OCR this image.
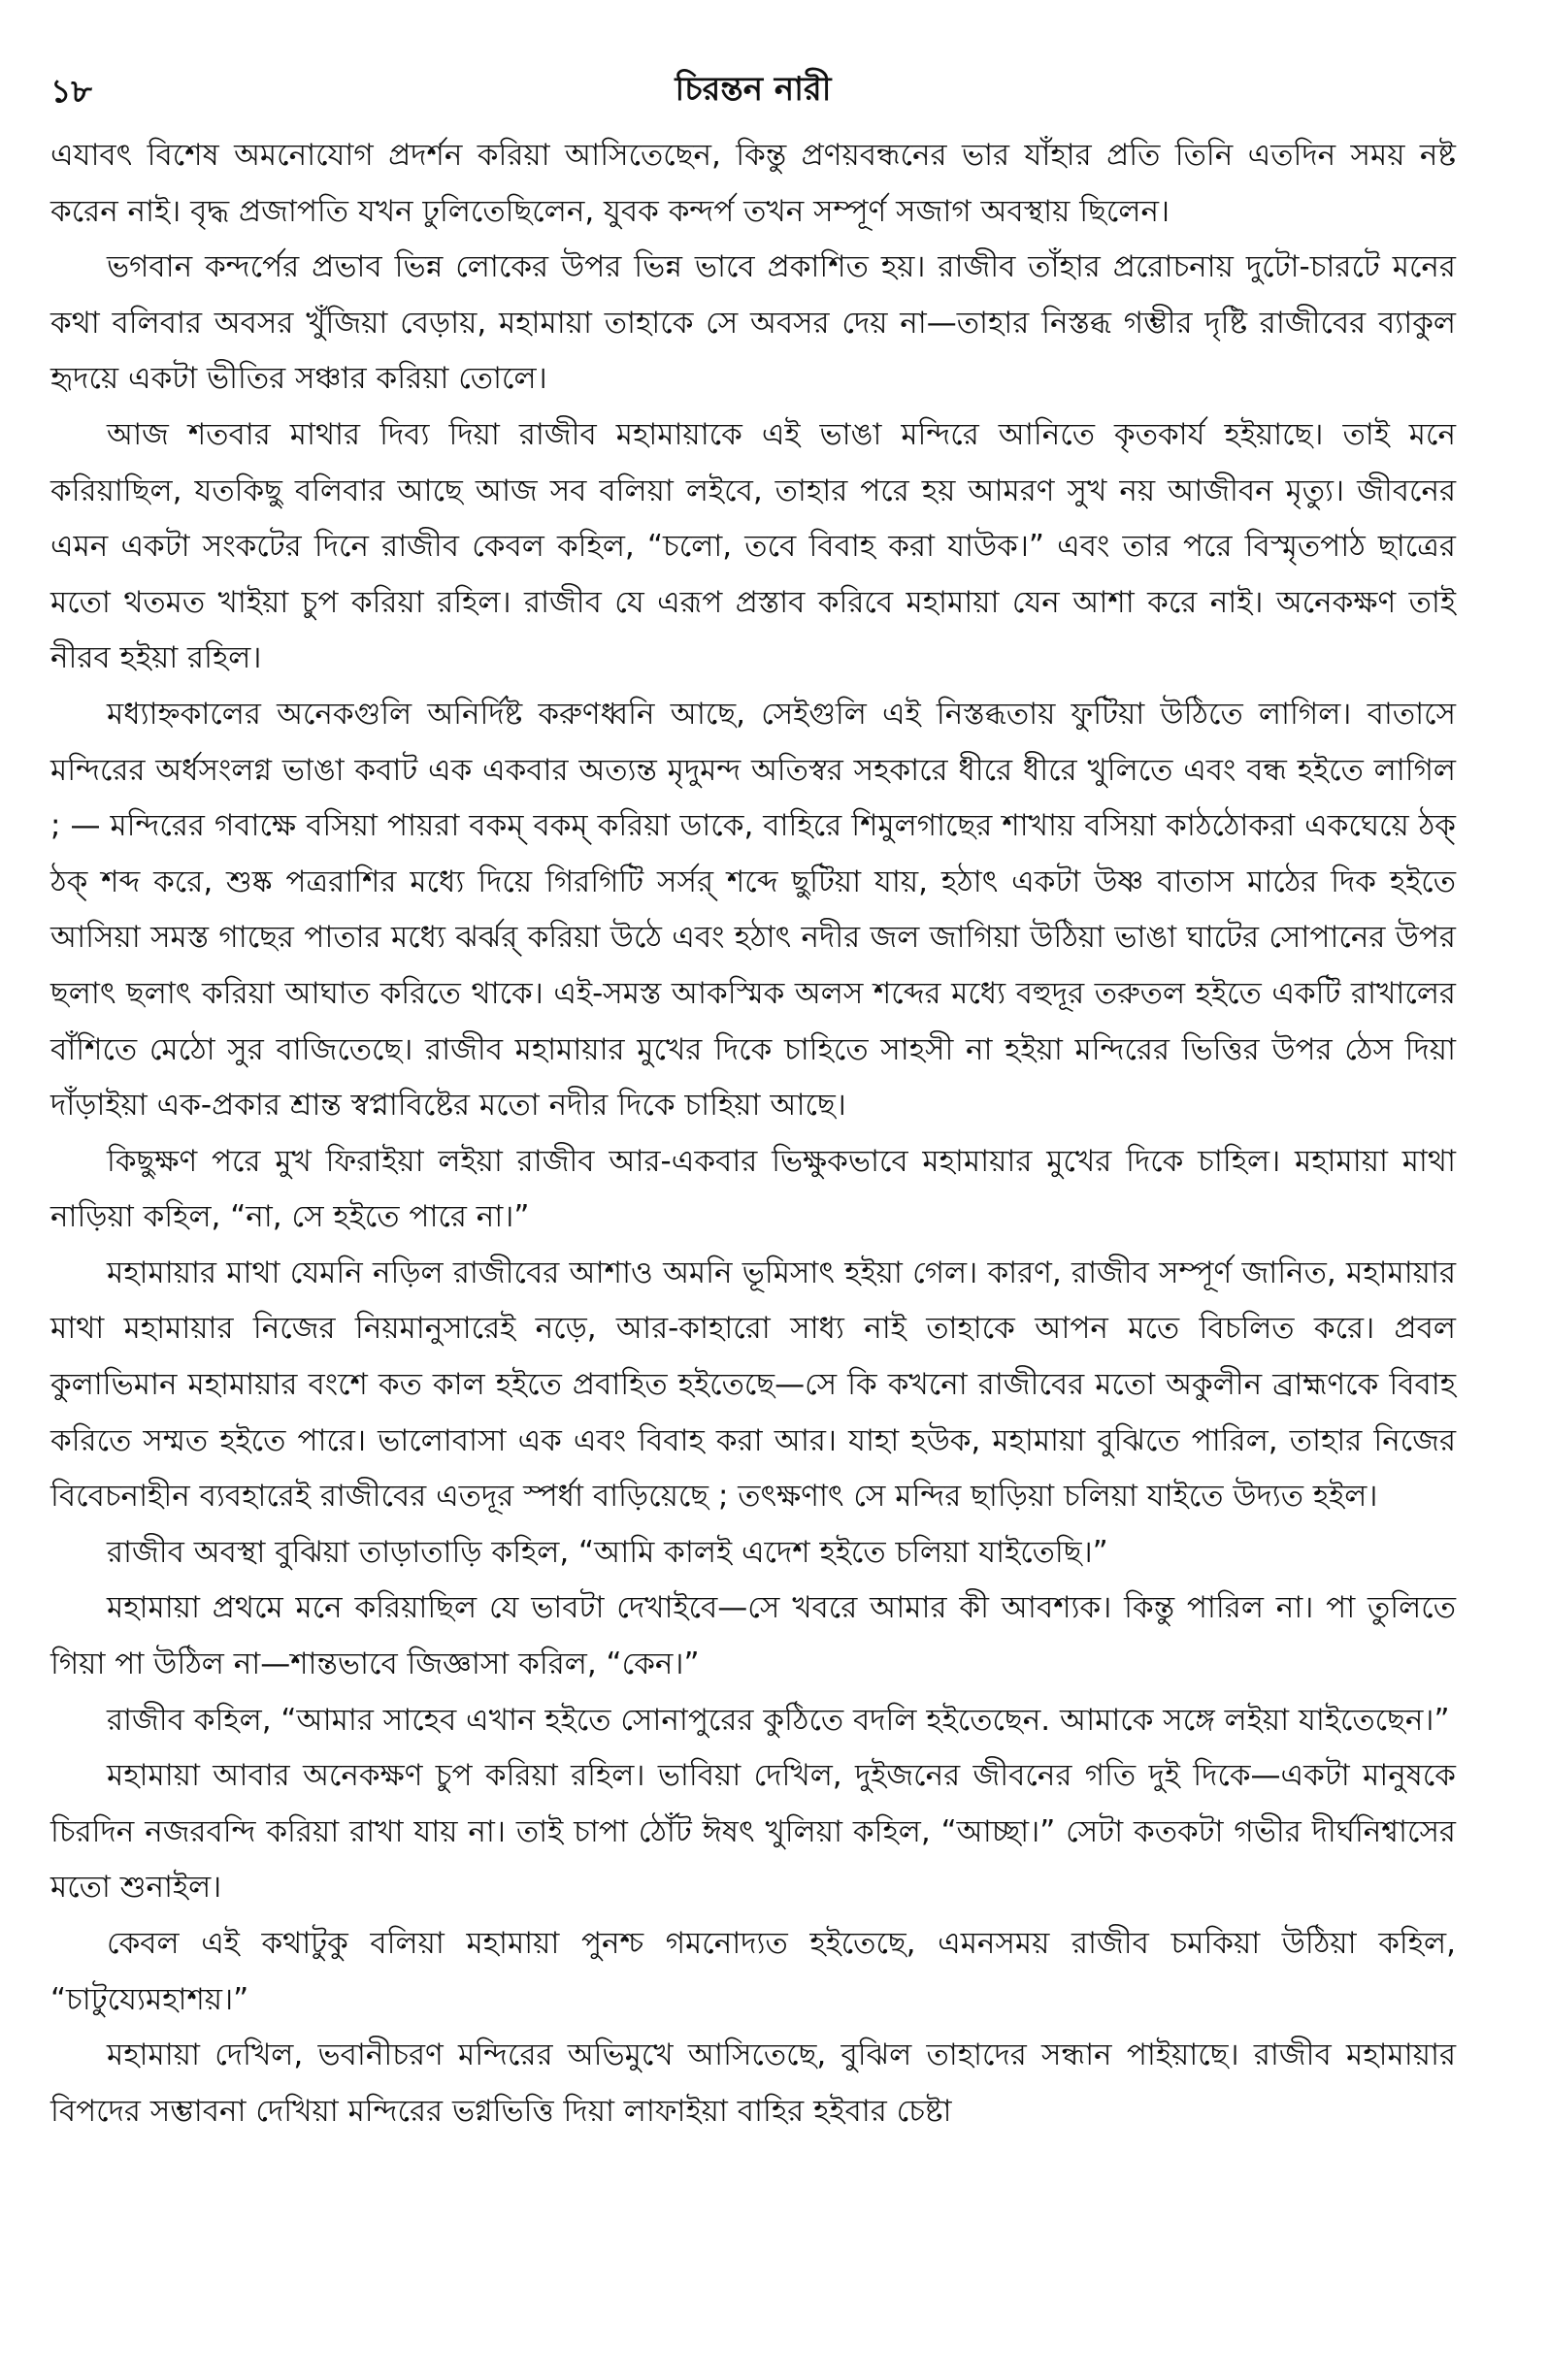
১৮	চিরন্তন নারী

এযাবৎ বিশেষ অমনোযোগ প্রদর্শন করিয়া আসিতেছেন, কিন্তু প্রণয়বন্ধনের ভার যাঁহার প্রতি তিনি এতদিন সময় নষ্ট করেন নাই। বৃদ্ধ প্রজাপতি যখন ঢুলিতেছিলেন, যুবক কন্দর্প তখন সম্পূর্ণ সজাগ অবস্থায় ছিলেন।

ভগবান কন্দর্পের প্রভাব ভিন্ন লোকের উপর ভিন্ন ভাবে প্রকাশিত হয়। রাজীব তাঁহার প্ররোচনায় দুটো-চারটে মনের কথা বলিবার অবসর খুঁজিয়া বেড়ায়, মহামায়া তাহাকে সে অবসর দেয় না—তাহার নিস্তব্ধ গম্ভীর দৃষ্টি রাজীবের ব্যাকুল হৃদয়ে একটা ভীতির সঞ্চার করিয়া তোলে।

আজ শতবার মাথার দিব্য দিয়া রাজীব মহামায়াকে এই ভাঙা মন্দিরে আনিতে কৃতকার্য হইয়াছে। তাই মনে করিয়াছিল, যতকিছু বলিবার আছে আজ সব বলিয়া লইবে, তাহার পরে হয় আমরণ সুখ নয় আজীবন মৃত্যু। জীবনের এমন একটা সংকটের দিনে রাজীব কেবল কহিল, “চলো, তবে বিবাহ করা যাউক।” এবং তার পরে বিস্মৃতপাঠ ছাত্রের মতো থতমত খাইয়া চুপ করিয়া রহিল। রাজীব যে এরূপ প্রস্তাব করিবে মহামায়া যেন আশা করে নাই। অনেকক্ষণ তাই নীরব হইয়া রহিল।

মধ্যাহ্নকালের অনেকগুলি অনির্দিষ্ট করুণধ্বনি আছে, সেইগুলি এই নিস্তব্ধতায় ফুটিয়া উঠিতে লাগিল। বাতাসে মন্দিরের অর্ধসংলগ্ন ভাঙা কবাট এক একবার অত্যন্ত মৃদুমন্দ অতিস্বর সহকারে ধীরে ধীরে খুলিতে এবং বন্ধ হইতে লাগিল ; — মন্দিরের গবাক্ষে বসিয়া পায়রা বকম্ বকম্ করিয়া ডাকে, বাহিরে শিমুলগাছের শাখায় বসিয়া কাঠঠোকরা একঘেয়ে ঠক্ ঠক্ শব্দ করে, শুষ্ক পত্ররাশির মধ্যে দিয়ে গিরগিটি সর্সর্ শব্দে ছুটিয়া যায়, হঠাৎ একটা উষ্ণ বাতাস মাঠের দিক হইতে আসিয়া সমস্ত গাছের পাতার মধ্যে ঝর্ঝর্ করিয়া উঠে এবং হঠাৎ নদীর জল জাগিয়া উঠিয়া ভাঙা ঘাটের সোপানের উপর ছলাৎ ছলাৎ করিয়া আঘাত করিতে থাকে। এই-সমস্ত আকস্মিক অলস শব্দের মধ্যে বহুদূর তরুতল হইতে একটি রাখালের বাঁশিতে মেঠো সুর বাজিতেছে। রাজীব মহামায়ার মুখের দিকে চাহিতে সাহসী না হইয়া মন্দিরের ভিত্তির উপর ঠেস দিয়া দাঁড়াইয়া এক-প্রকার শ্রান্ত স্বপ্নাবিষ্টের মতো নদীর দিকে চাহিয়া আছে।

কিছুক্ষণ পরে মুখ ফিরাইয়া লইয়া রাজীব আর-একবার ভিক্ষুকভাবে মহামায়ার মুখের দিকে চাহিল। মহামায়া মাথা নাড়িয়া কহিল, “না, সে হইতে পারে না।”

মহামায়ার মাথা যেমনি নড়িল রাজীবের আশাও অমনি ভূমিসাৎ হইয়া গেল। কারণ, রাজীব সম্পূর্ণ জানিত, মহামায়ার মাথা মহামায়ার নিজের নিয়মানুসারেই নড়ে, আর-কাহারো সাধ্য নাই তাহাকে আপন মতে বিচলিত করে। প্রবল কুলাভিমান মহামায়ার বংশে কত কাল হইতে প্রবাহিত হইতেছে—সে কি কখনো রাজীবের মতো অকুলীন ব্রাহ্মণকে বিবাহ করিতে সম্মত হইতে পারে। ভালোবাসা এক এবং বিবাহ করা আর। যাহা হউক, মহামায়া বুঝিতে পারিল, তাহার নিজের বিবেচনাহীন ব্যবহারেই রাজীবের এতদূর স্পর্ধা বাড়িয়েছে ; তৎক্ষণাৎ সে মন্দির ছাড়িয়া চলিয়া যাইতে উদ্যত হইল।

রাজীব অবস্থা বুঝিয়া তাড়াতাড়ি কহিল, “আমি কালই এদেশ হইতে চলিয়া যাইতেছি।”

মহামায়া প্রথমে মনে করিয়াছিল যে ভাবটা দেখাইবে—সে খবরে আমার কী আবশ্যক। কিন্তু পারিল না। পা তুলিতে গিয়া পা উঠিল না—শান্তভাবে জিজ্ঞাসা করিল, “কেন।”

রাজীব কহিল, “আমার সাহেব এখান হইতে সোনাপুরের কুঠিতে বদলি হইতেছেন. আমাকে সঙ্গে লইয়া যাইতেছেন।”

মহামায়া আবার অনেকক্ষণ চুপ করিয়া রহিল। ভাবিয়া দেখিল, দুইজনের জীবনের গতি দুই দিকে—একটা মানুষকে চিরদিন নজরবন্দি করিয়া রাখা যায় না। তাই চাপা ঠোঁট ঈষৎ খুলিয়া কহিল, “আচ্ছা।” সেটা কতকটা গভীর দীর্ঘনিশ্বাসের মতো শুনাইল।

কেবল এই কথাটুকু বলিয়া মহামায়া পুনশ্চ গমনোদ্যত হইতেছে, এমনসময় রাজীব চমকিয়া উঠিয়া কহিল, “চাটুয্যেমহাশয়।”

মহামায়া দেখিল, ভবানীচরণ মন্দিরের অভিমুখে আসিতেছে, বুঝিল তাহাদের সন্ধান পাইয়াছে। রাজীব মহামায়ার বিপদের সম্ভাবনা দেখিয়া মন্দিরের ভগ্নভিত্তি দিয়া লাফাইয়া বাহির হইবার চেষ্টা
